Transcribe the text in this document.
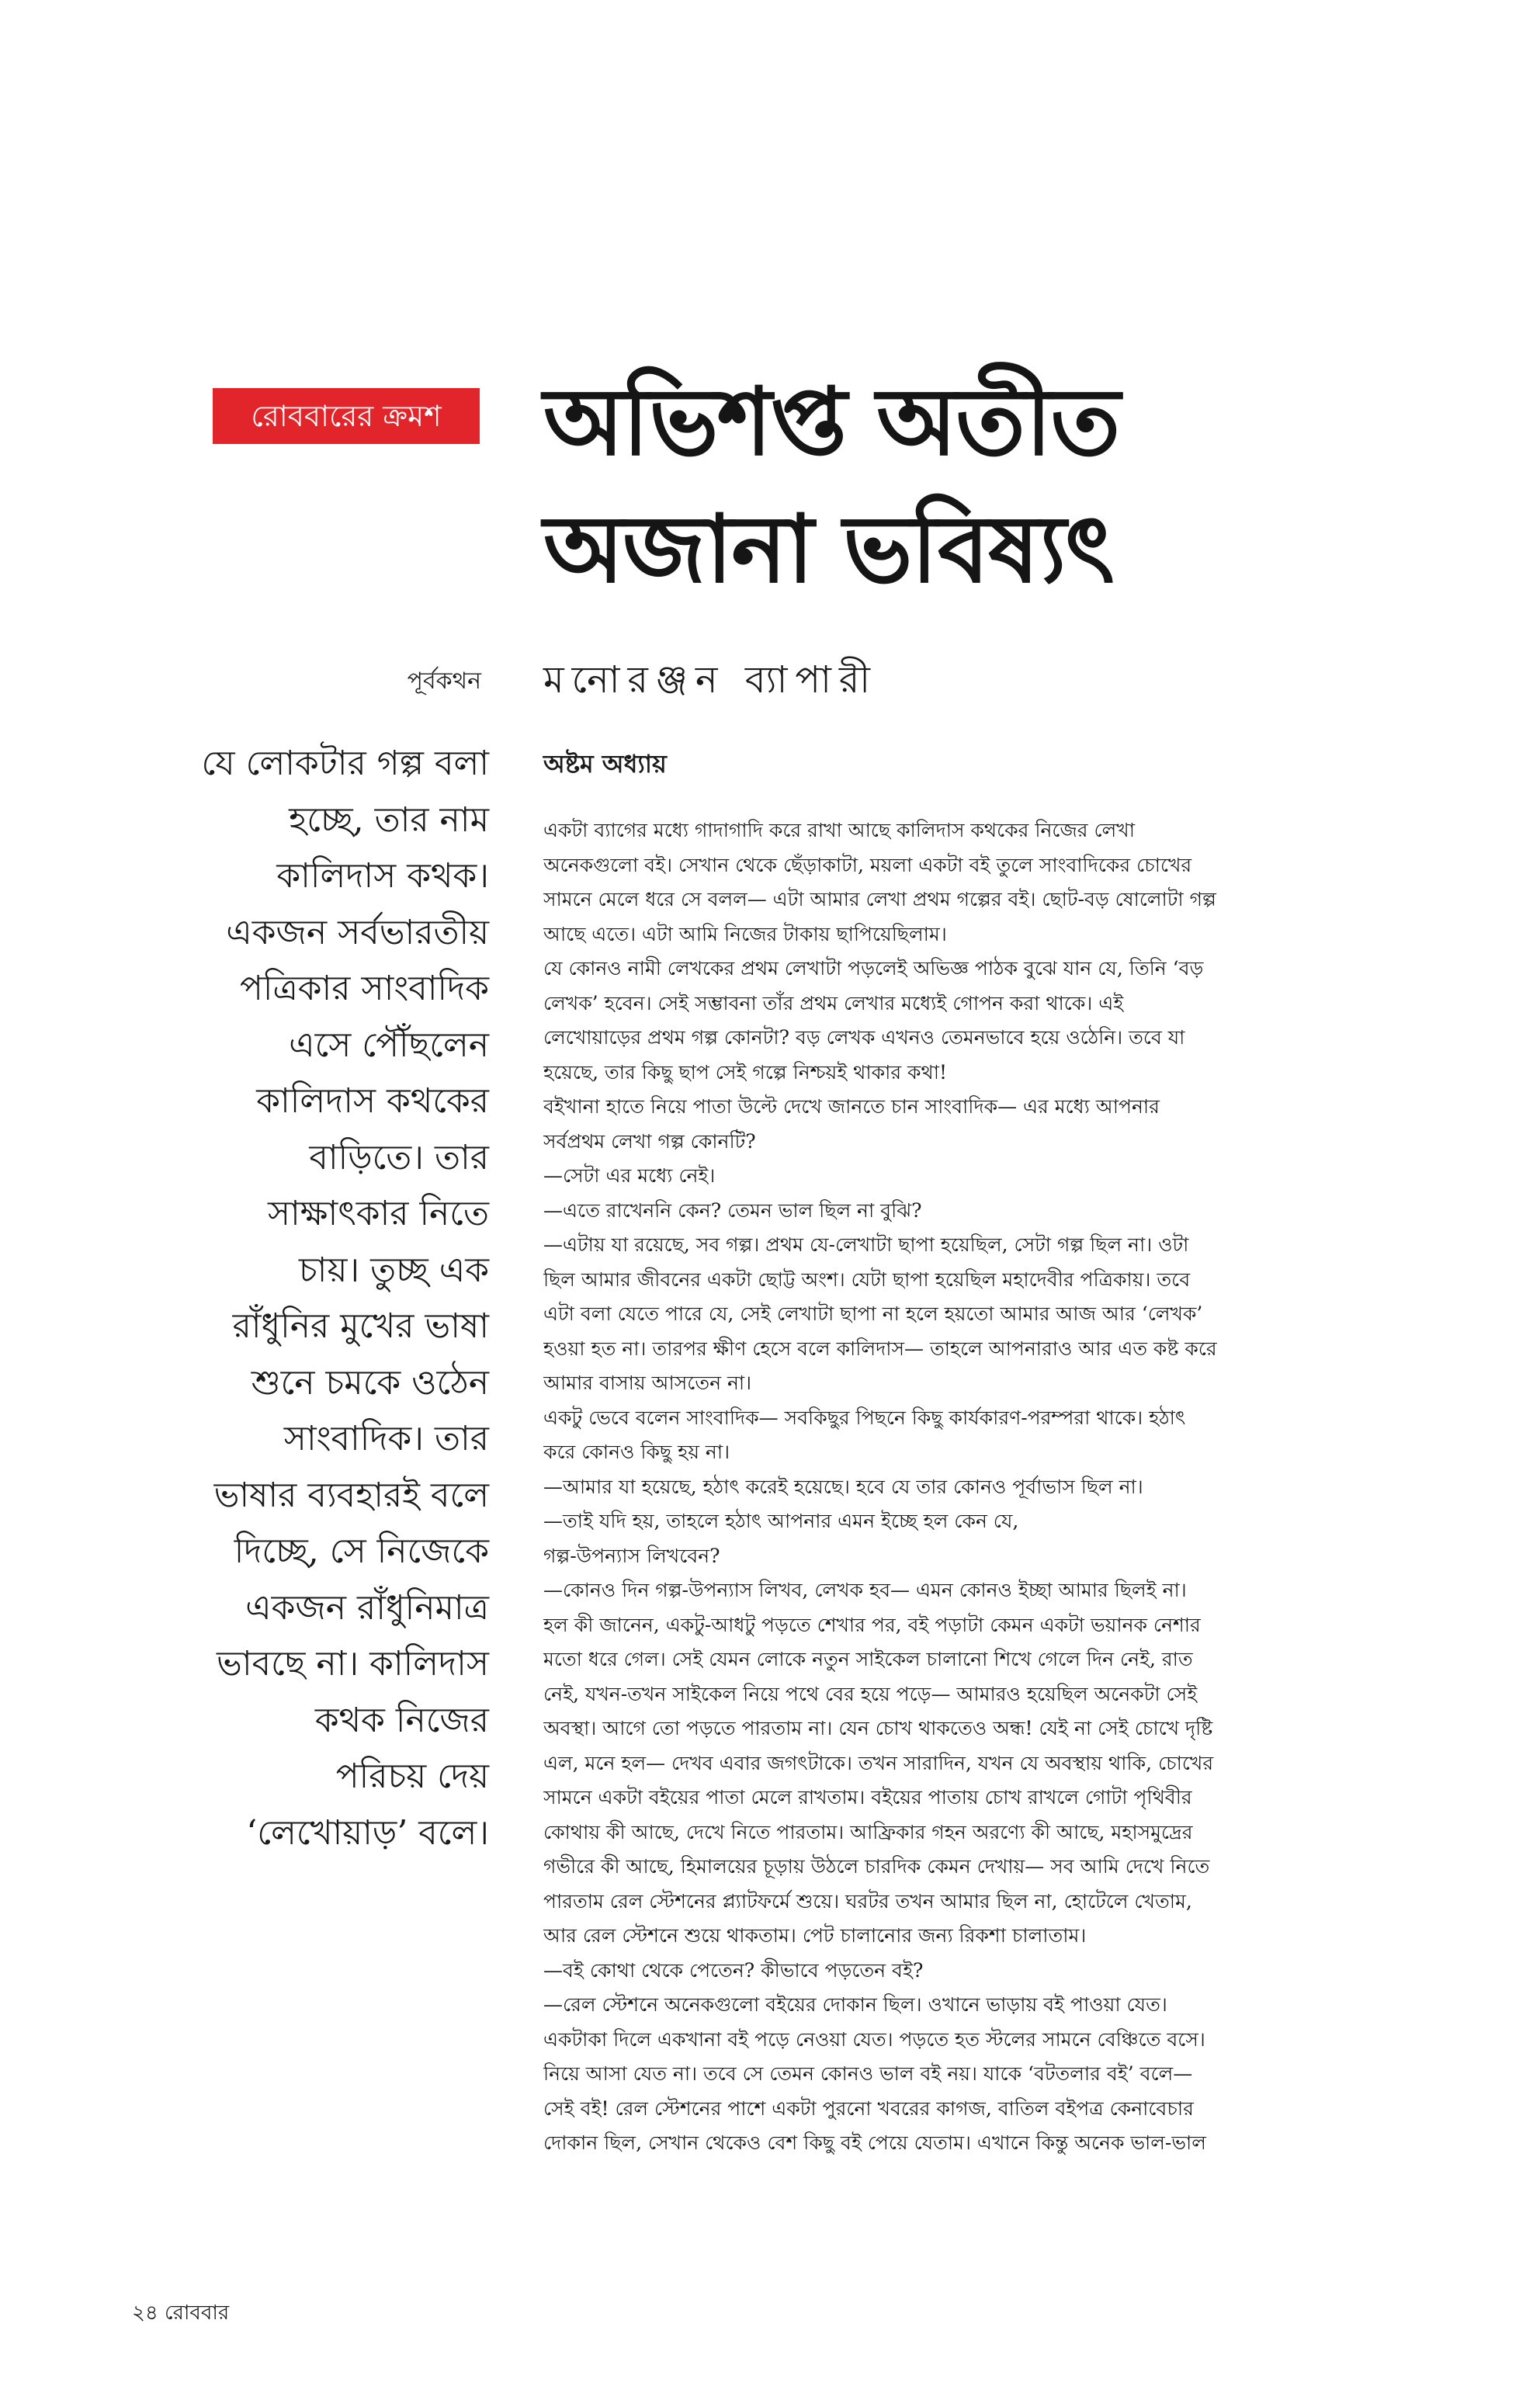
রোববারের ক্রমশ	অভিশপ্ত অতীত
অজানা ভবিষ্যৎ
পূর্বকথন মনোরঞ্জন ব্যাপারী
যে লোকটার গল্প বলা
হচ্ছে, তার নাম
কালিদাস কথক।
একজন সর্বভারতীয়
পত্রিকার সাংবাদিক
এসে পৌঁছলেন
কালিদাস কথকের
বাড়িতে। তার
সাক্ষাৎকার নিতে
চায়। তুচ্ছ এক
রাঁধুনির মুখের ভাষা
শুনে চমকে ওঠেন
সাংবাদিক। তার
ভাষার ব্যবহারই বলে
দিচ্ছে, সে নিজেকে
একজন রাঁধুনিমাত্র
ভাবছে না। কালিদাস
কথক নিজের
পরিচয় দেয়
‘লেখোয়াড়’ বলে।
অষ্টম অধ্যায়
একটা ব্যাগের মধ্যে গাদাগাদি করে রাখা আছে কালিদাস কথকের নিজের লেখা
অনেকগুলো বই। সেখান থেকে ছেঁড়াকাটা, ময়লা একটা বই তুলে সাংবাদিকের চোখের
সামনে মেলে ধরে সে বলল— এটা আমার লেখা প্রথম গল্পের বই। ছোট-বড় ষোলোটা গল্প
আছে এতে। এটা আমি নিজের টাকায় ছাপিয়েছিলাম।
যে কোনও নামী লেখকের প্রথম লেখাটা পড়লেই অভিজ্ঞ পাঠক বুঝে যান যে, তিনি ‘বড়
লেখক’ হবেন। সেই সম্ভাবনা তাঁর প্রথম লেখার মধ্যেই গোপন করা থাকে। এই
লেখোয়াড়ের প্রথম গল্প কোনটা? বড় লেখক এখনও তেমনভাবে হয়ে ওঠেনি। তবে যা
হয়েছে, তার কিছু ছাপ সেই গল্পে নিশ্চয়ই থাকার কথা!
বইখানা হাতে নিয়ে পাতা উল্টে দেখে জানতে চান সাংবাদিক— এর মধ্যে আপনার
সর্বপ্রথম লেখা গল্প কোনটি?
—সেটা এর মধ্যে নেই।
—এতে রাখেননি কেন? তেমন ভাল ছিল না বুঝি?
—এটায় যা রয়েছে, সব গল্প। প্রথম যে-লেখাটা ছাপা হয়েছিল, সেটা গল্প ছিল না। ওটা
ছিল আমার জীবনের একটা ছোট্ট অংশ। যেটা ছাপা হয়েছিল মহাদেবীর পত্রিকায়। তবে
এটা বলা যেতে পারে যে, সেই লেখাটা ছাপা না হলে হয়তো আমার আজ আর ‘লেখক’
হওয়া হত না। তারপর ক্ষীণ হেসে বলে কালিদাস— তাহলে আপনারাও আর এত কষ্ট করে
আমার বাসায় আসতেন না।
একটু ভেবে বলেন সাংবাদিক— সবকিছুর পিছনে কিছু কার্যকারণ-পরম্পরা থাকে। হঠাৎ
করে কোনও কিছু হয় না।
—আমার যা হয়েছে, হঠাৎ করেই হয়েছে। হবে যে তার কোনও পূর্বাভাস ছিল না।
—তাই যদি হয়, তাহলে হঠাৎ আপনার এমন ইচ্ছে হল কেন যে,
গল্প-উপন্যাস লিখবেন?
—কোনও দিন গল্প-উপন্যাস লিখব, লেখক হব— এমন কোনও ইচ্ছা আমার ছিলই না।
হল কী জানেন, একটু-আধটু পড়তে শেখার পর, বই পড়াটা কেমন একটা ভয়ানক নেশার
মতো ধরে গেল। সেই যেমন লোকে নতুন সাইকেল চালানো শিখে গেলে দিন নেই, রাত
নেই, যখন-তখন সাইকেল নিয়ে পথে বের হয়ে পড়ে— আমারও হয়েছিল অনেকটা সেই
অবস্থা। আগে তো পড়তে পারতাম না। যেন চোখ থাকতেও অন্ধ! যেই না সেই চোখে দৃষ্টি
এল, মনে হল— দেখব এবার জগৎটাকে। তখন সারাদিন, যখন যে অবস্থায় থাকি, চোখের
সামনে একটা বইয়ের পাতা মেলে রাখতাম। বইয়ের পাতায় চোখ রাখলে গোটা পৃথিবীর
কোথায় কী আছে, দেখে নিতে পারতাম। আফ্রিকার গহন অরণ্যে কী আছে, মহাসমুদ্রের
গভীরে কী আছে, হিমালয়ের চূড়ায় উঠলে চারদিক কেমন দেখায়— সব আমি দেখে নিতে
পারতাম রেল স্টেশনের প্ল্যাটফর্মে শুয়ে। ঘরটর তখন আমার ছিল না, হোটেলে খেতাম,
আর রেল স্টেশনে শুয়ে থাকতাম। পেট চালানোর জন্য রিকশা চালাতাম।
—বই কোথা থেকে পেতেন? কীভাবে পড়তেন বই?
—রেল স্টেশনে অনেকগুলো বইয়ের দোকান ছিল। ওখানে ভাড়ায় বই পাওয়া যেত।
একটাকা দিলে একখানা বই পড়ে নেওয়া যেত। পড়তে হত স্টলের সামনে বেঞ্চিতে বসে।
নিয়ে আসা যেত না। তবে সে তেমন কোনও ভাল বই নয়। যাকে ‘বটতলার বই’ বলে—
সেই বই! রেল স্টেশনের পাশে একটা পুরনো খবরের কাগজ, বাতিল বইপত্র কেনাবেচার
দোকান ছিল, সেখান থেকেও বেশ কিছু বই পেয়ে যেতাম। এখানে কিন্তু অনেক ভাল-ভাল
২৪ রোববার
